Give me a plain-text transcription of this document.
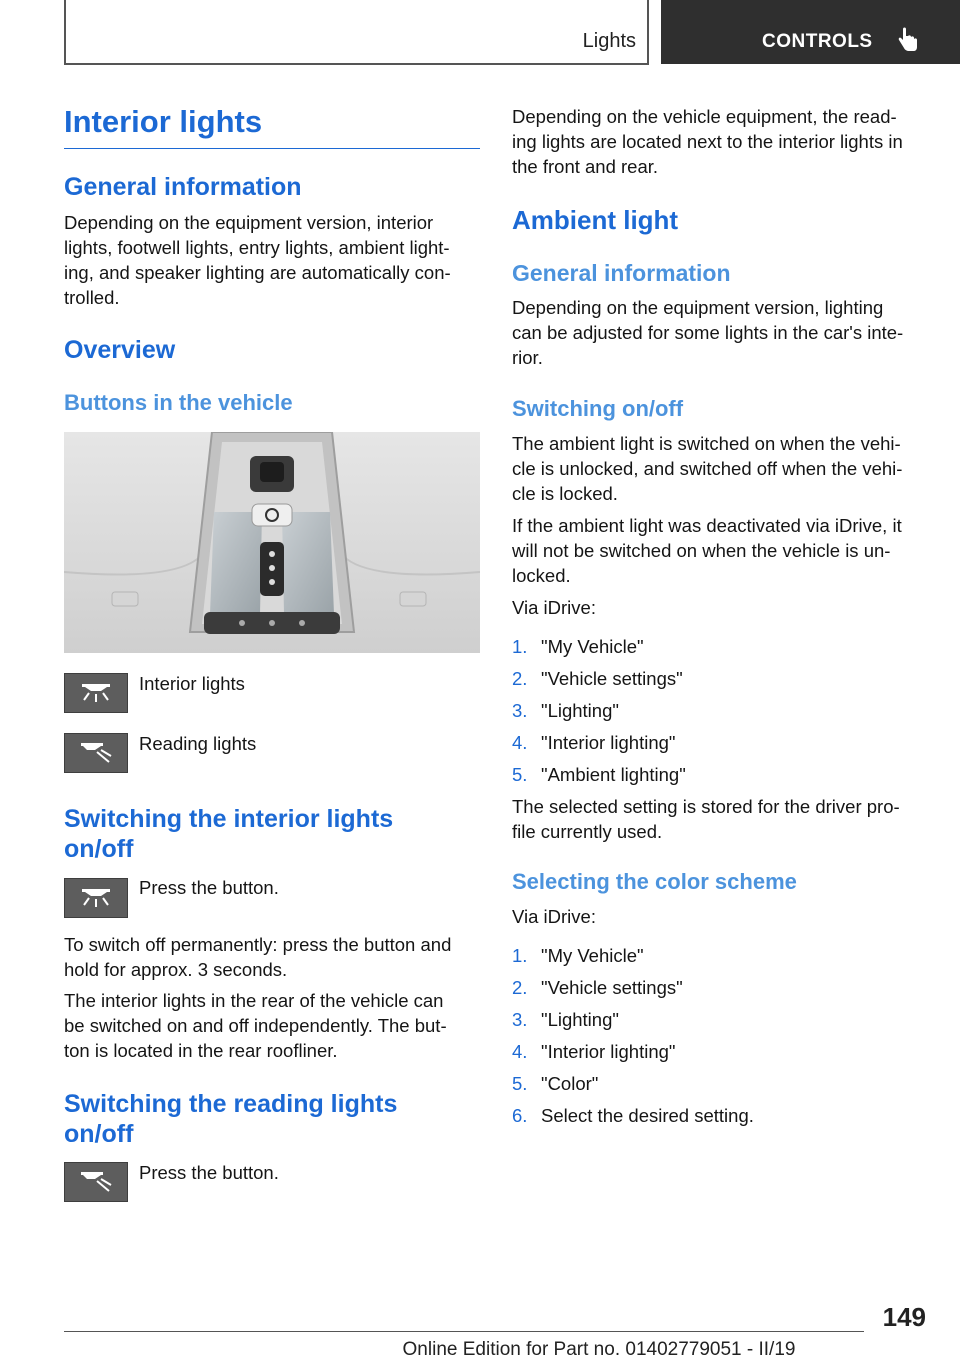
Lights	CONTROLS
Interior lights
General information

Depending on the equipment version, interior
lights, footwell lights, entry lights, ambient light-
ing, and speaker lighting are automatically con-
trolled.

Overview
Buttons in the vehicle

Interior lights

Reading lights

Switching the interior lights
on/off

Press the button.

To switch off permanently: press the button and
hold for approx. 3 seconds.

The interior lights in the rear of the vehicle can
be switched on and off independently. The but-
ton is located in the rear roofliner.

Switching the reading lights
on/off

Press the button.

Depending on the vehicle equipment, the read-
ing lights are located next to the interior lights in
the front and rear.

Ambient light
General information

Depending on the equipment version, lighting
can be adjusted for some lights in the car's inte-
rior.

Switching on/off

The ambient light is switched on when the vehi-
cle is unlocked, and switched off when the vehi-
cle is locked.

If the ambient light was deactivated via iDrive, it
will not be switched on when the vehicle is un-
locked.

Via iDrive:

1. "My Vehicle"
2. "Vehicle settings"
3. "Lighting"
4. "Interior lighting"
5. "Ambient lighting"

The selected setting is stored for the driver pro-
file currently used.

Selecting the color scheme

Via iDrive:

1. "My Vehicle"
2. "Vehicle settings"
3. "Lighting"
4. "Interior lighting"
5. "Color"
6. Select the desired setting.
149
Online Edition for Part no. 01402779051 - II/19
